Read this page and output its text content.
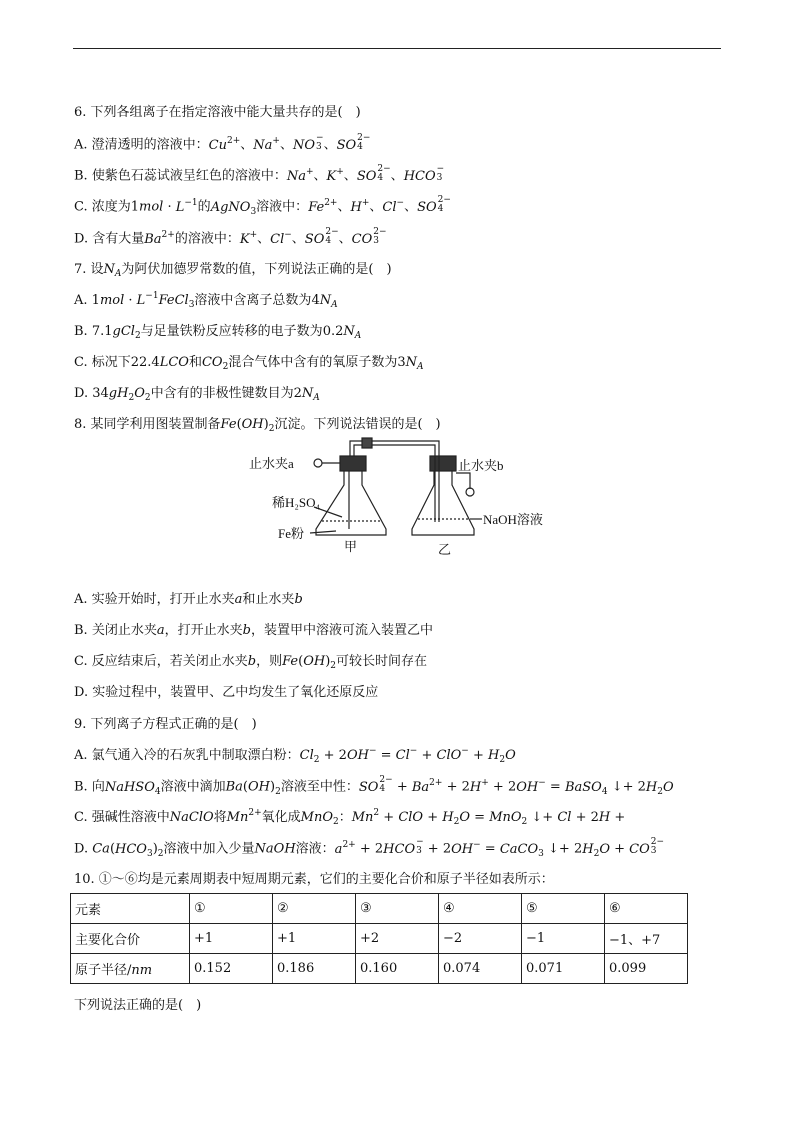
6. 下列各组离子在指定溶液中能大量共存的是(　)
A. 澄清透明的溶液中：$Cu^{2+}$、Na+、NO −
3 、SO 2−
4
B. 使紫色石蕊试液呈红色的溶液中：Na+、K+、SO 2−
4 、HCO −
3
C. 浓度为$1mol \cdot L^{-1}$的AgNO$_3$溶液中：$Fe^{2+}$、H+、Cl−、SO 2−
4
D. 含有大量$Ba^{2+}$的溶液中：K+、Cl−、SO 2−
4 、CO 2−
3
7. 设$N_A$为阿伏加德罗常数的值，下列说法正确的是(　)
A. $1mol \cdot L^{-1}FeCl_3$溶液中含离子总数为$4N_A$
B. 7.1gCl$_2$与足量铁粉反应转移的电子数为$0.2N_A$
C. 标况下22.4LCO和$CO_2$混合气体中含有的氧原子数为$3N_A$
D. $34gH_2O_2$中含有的非极性键数目为$2N_A$
8. 某同学利用图装置制备$Fe(OH)_2$沉淀。下列说法错误的是(　)
止水夹a	止水夹b
稀H₂SO₄
Fe粉
NaOH溶液
甲	乙
A. 实验开始时，打开止水夹a和止水夹b
B. 关闭止水夹a，打开止水夹b，装置甲中溶液可流入装置乙中
C. 反应结束后，若关闭止水夹b，则$Fe(OH)_2$可较长时间存在
D. 实验过程中，装置甲、乙中均发生了氧化还原反应
9. 下列离子方程式正确的是(　)
A. 氯气通入冷的石灰乳中制取漂白粉：$Cl_2 + 2OH^- = Cl^- + ClO^- + H_2O$
B. 向NaHSO$_4$溶液中滴加$Ba(OH)_2$溶液至中性：SO 2−
$4 + Ba^{2+} + 2H^+ + 2OH^-$ = BaSO$_4$ ↓+ $2H_2O$
C. 强碱性溶液中NaClO将$Mn^{2+}$氧化成MnO$_2$：$Mn^2$ + ClO + $H_2O = MnO_2$ ↓+ Cl + 2H +
D. $Ca(HCO_3)_2$溶液中加入少量NaOH溶液：$a^{2+} + 2HCO$ −
3 + 2OH− = CaCO$_3$ ↓+ $2H_2O$ + CO 2−
3
10. ①～⑥均是元素周期表中短周期元素，它们的主要化合价和原子半径如表所示：
元素	①	②	③	④	⑤	⑥
主要化合价	+1	+1	+2	−2	−1	−1、+7
原子半径/nm	0.152	0.186	0.160	0.074	0.071	0.099
下列说法正确的是(　)
